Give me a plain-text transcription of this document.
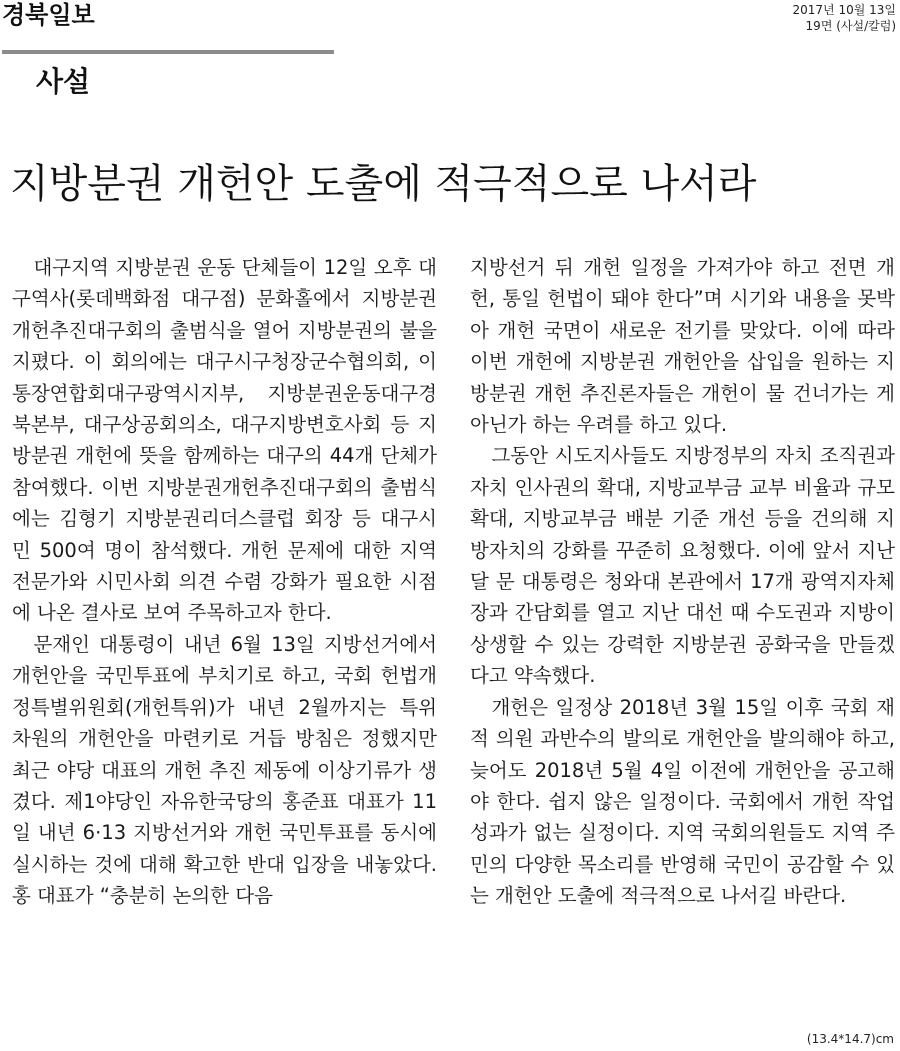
경북일보	2017년 10월 13일
19면 (사설/칼럼)
사설
지방분권 개헌안 도출에 적극적으로 나서라

대구지역 지방분권 운동 단체들이 12일 오후 대구역사(롯데백화점 대구점) 문화홀에서 지방분권개헌추진대구회의 출범식을 열어 지방분권의 불을 지폈다. 이 회의에는 대구시구청장군수협의회, 이통장연합회대구광역시지부, 지방분권운동대구경북본부, 대구상공회의소, 대구지방변호사회 등 지방분권 개헌에 뜻을 함께하는 대구의 44개 단체가 참여했다. 이번 지방분권개헌추진대구회의 출범식에는 김형기 지방분권리더스클럽 회장 등 대구시민 500여 명이 참석했다. 개헌 문제에 대한 지역 전문가와 시민사회 의견 수렴 강화가 필요한 시점에 나온 결사로 보여 주목하고자 한다.

문재인 대통령이 내년 6월 13일 지방선거에서 개헌안을 국민투표에 부치기로 하고, 국회 헌법개정특별위원회(개헌특위)가 내년 2월까지는 특위 차원의 개헌안을 마련키로 거듭 방침은 정했지만 최근 야당 대표의 개헌 추진 제동에 이상기류가 생겼다. 제1야당인 자유한국당의 홍준표 대표가 11일 내년 6·13 지방선거와 개헌 국민투표를 동시에 실시하는 것에 대해 확고한 반대 입장을 내놓았다. 홍 대표가 “충분히 논의한 다음

지방선거 뒤 개헌 일정을 가져가야 하고 전면 개헌, 통일 헌법이 돼야 한다”며 시기와 내용을 못박아 개헌 국면이 새로운 전기를 맞았다. 이에 따라 이번 개헌에 지방분권 개헌안을 삽입을 원하는 지방분권 개헌 추진론자들은 개헌이 물 건너가는 게 아닌가 하는 우려를 하고 있다.

그동안 시도지사들도 지방정부의 자치 조직권과 자치 인사권의 확대, 지방교부금 교부 비율과 규모 확대, 지방교부금 배분 기준 개선 등을 건의해 지방자치의 강화를 꾸준히 요청했다. 이에 앞서 지난달 문 대통령은 청와대 본관에서 17개 광역지자체장과 간담회를 열고 지난 대선 때 수도권과 지방이 상생할 수 있는 강력한 지방분권 공화국을 만들겠다고 약속했다.

개헌은 일정상 2018년 3월 15일 이후 국회 재적 의원 과반수의 발의로 개헌안을 발의해야 하고, 늦어도 2018년 5월 4일 이전에 개헌안을 공고해야 한다. 쉽지 않은 일정이다. 국회에서 개헌 작업 성과가 없는 실정이다. 지역 국회의원들도 지역 주민의 다양한 목소리를 반영해 국민이 공감할 수 있는 개헌안 도출에 적극적으로 나서길 바란다.

(13.4*14.7)cm
